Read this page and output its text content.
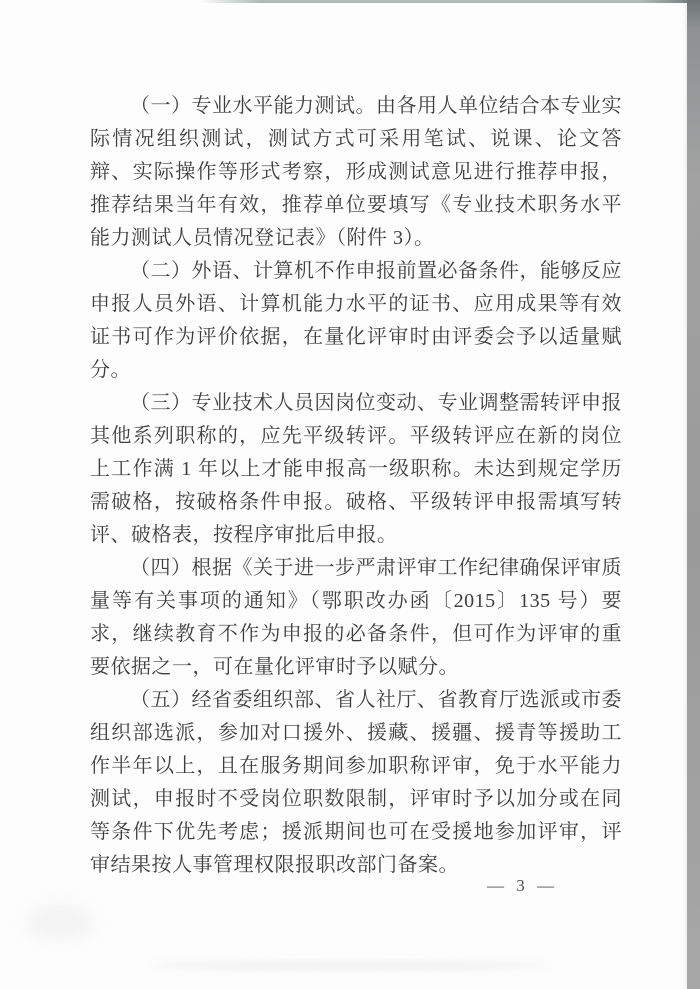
（一）专业水平能力测试。由各用人单位结合本专业实际情况组织测试，测试方式可采用笔试、说课、论文答辩、实际操作等形式考察，形成测试意见进行推荐申报，推荐结果当年有效，推荐单位要填写《专业技术职务水平能力测试人员情况登记表》（附件 3）。

（二）外语、计算机不作申报前置必备条件，能够反应申报人员外语、计算机能力水平的证书、应用成果等有效证书可作为评价依据，在量化评审时由评委会予以适量赋分。

（三）专业技术人员因岗位变动、专业调整需转评申报其他系列职称的，应先平级转评。平级转评应在新的岗位上工作满 1 年以上才能申报高一级职称。未达到规定学历需破格，按破格条件申报。破格、平级转评申报需填写转评、破格表，按程序审批后申报。

（四）根据《关于进一步严肃评审工作纪律确保评审质量等有关事项的通知》（鄂职改办函〔2015〕135 号）要求，继续教育不作为申报的必备条件，但可作为评审的重要依据之一，可在量化评审时予以赋分。

（五）经省委组织部、省人社厅、省教育厅选派或市委组织部选派，参加对口援外、援藏、援疆、援青等援助工作半年以上，且在服务期间参加职称评审，免于水平能力测试，申报时不受岗位职数限制，评审时予以加分或在同等条件下优先考虑；援派期间也可在受援地参加评审，评审结果按人事管理权限报职改部门备案。

— 3 —
